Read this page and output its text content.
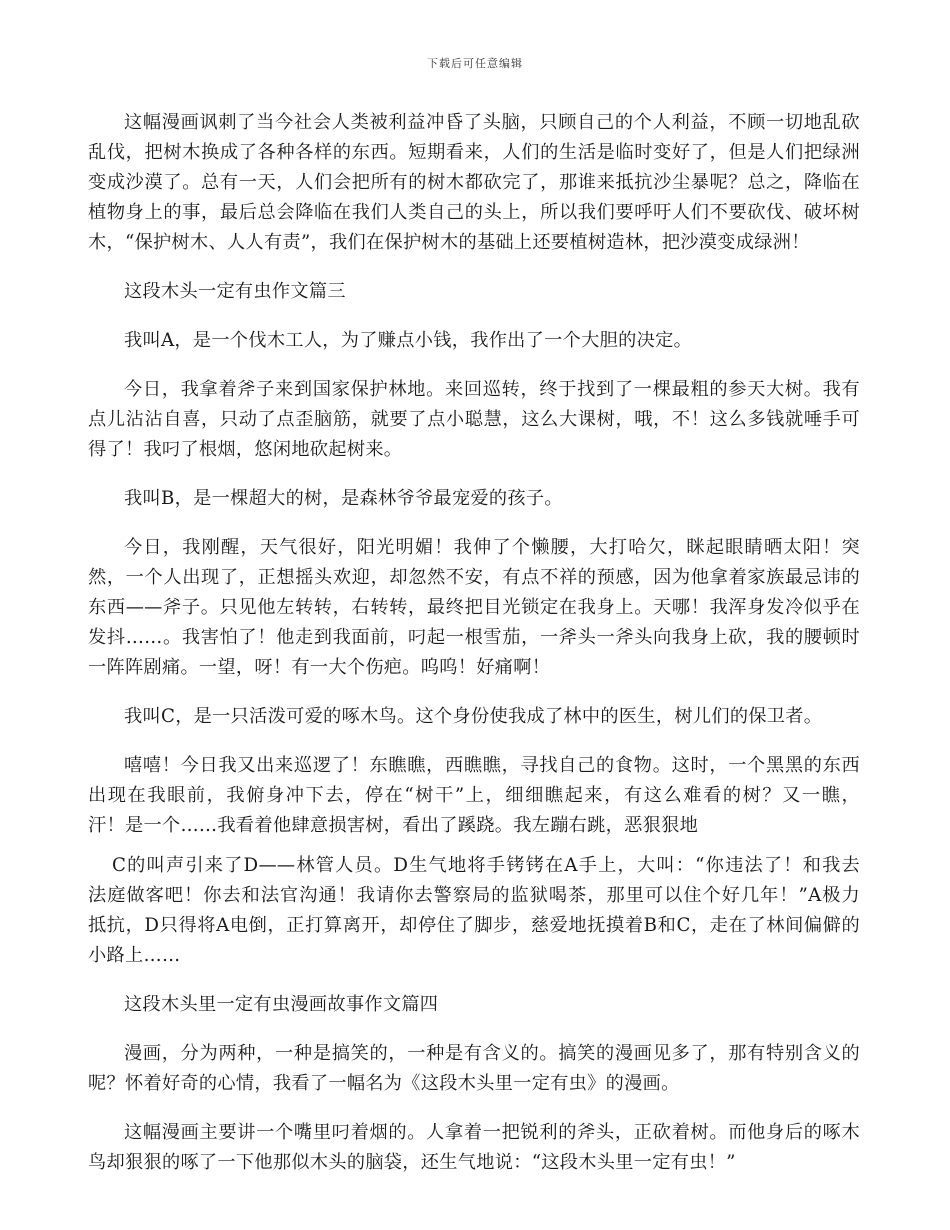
下载后可任意编辑

这幅漫画讽刺了当今社会人类被利益冲昏了头脑，只顾自己的个人利益，不顾一切地乱砍
乱伐，把树木换成了各种各样的东西。短期看来，人们的生活是临时变好了，但是人们把绿洲
变成沙漠了。总有一天，人们会把所有的树木都砍完了，那谁来抵抗沙尘暴呢？总之，降临在
植物身上的事，最后总会降临在我们人类自己的头上，所以我们要呼吁人们不要砍伐、破坏树
木，“保护树木、人人有责”，我们在保护树木的基础上还要植树造林，把沙漠变成绿洲！

这段木头一定有虫作文篇三

我叫A，是一个伐木工人，为了赚点小钱，我作出了一个大胆的决定。

今日，我拿着斧子来到国家保护林地。来回巡转，终于找到了一棵最粗的参天大树。我有
点儿沾沾自喜，只动了点歪脑筋，就要了点小聪慧，这么大课树，哦，不！这么多钱就唾手可
得了！我叼了根烟，悠闲地砍起树来。

我叫B，是一棵超大的树，是森林爷爷最宠爱的孩子。

今日，我刚醒，天气很好，阳光明媚！我伸了个懒腰，大打哈欠，眯起眼睛晒太阳！突
然，一个人出现了，正想摇头欢迎，却忽然不安，有点不祥的预感，因为他拿着家族最忌讳的
东西——斧子。只见他左转转，右转转，最终把目光锁定在我身上。天哪！我浑身发冷似乎在
发抖……。我害怕了！他走到我面前，叼起一根雪茄，一斧头一斧头向我身上砍，我的腰顿时
一阵阵剧痛。一望，呀！有一大个伤疤。呜呜！好痛啊！

我叫C，是一只活泼可爱的啄木鸟。这个身份使我成了林中的医生，树儿们的保卫者。

嘻嘻！今日我又出来巡逻了！东瞧瞧，西瞧瞧，寻找自己的食物。这时，一个黑黑的东西
出现在我眼前，我俯身冲下去，停在“树干”上，细细瞧起来，有这么难看的树？又一瞧，
汗！是一个……我看着他肆意损害树，看出了蹊跷。我左蹦右跳，恶狠狠地

C的叫声引来了D——林管人员。D生气地将手铐铐在A手上，大叫：“你违法了！和我去
法庭做客吧！你去和法官沟通！我请你去警察局的监狱喝茶，那里可以住个好几年！”A极力
抵抗，D只得将A电倒，正打算离开，却停住了脚步，慈爱地抚摸着B和C，走在了林间偏僻的
小路上……

这段木头里一定有虫漫画故事作文篇四

漫画，分为两种，一种是搞笑的，一种是有含义的。搞笑的漫画见多了，那有特别含义的
呢？怀着好奇的心情，我看了一幅名为《这段木头里一定有虫》的漫画。

这幅漫画主要讲一个嘴里叼着烟的。人拿着一把锐利的斧头，正砍着树。而他身后的啄木
鸟却狠狠的啄了一下他那似木头的脑袋，还生气地说：“这段木头里一定有虫！”
